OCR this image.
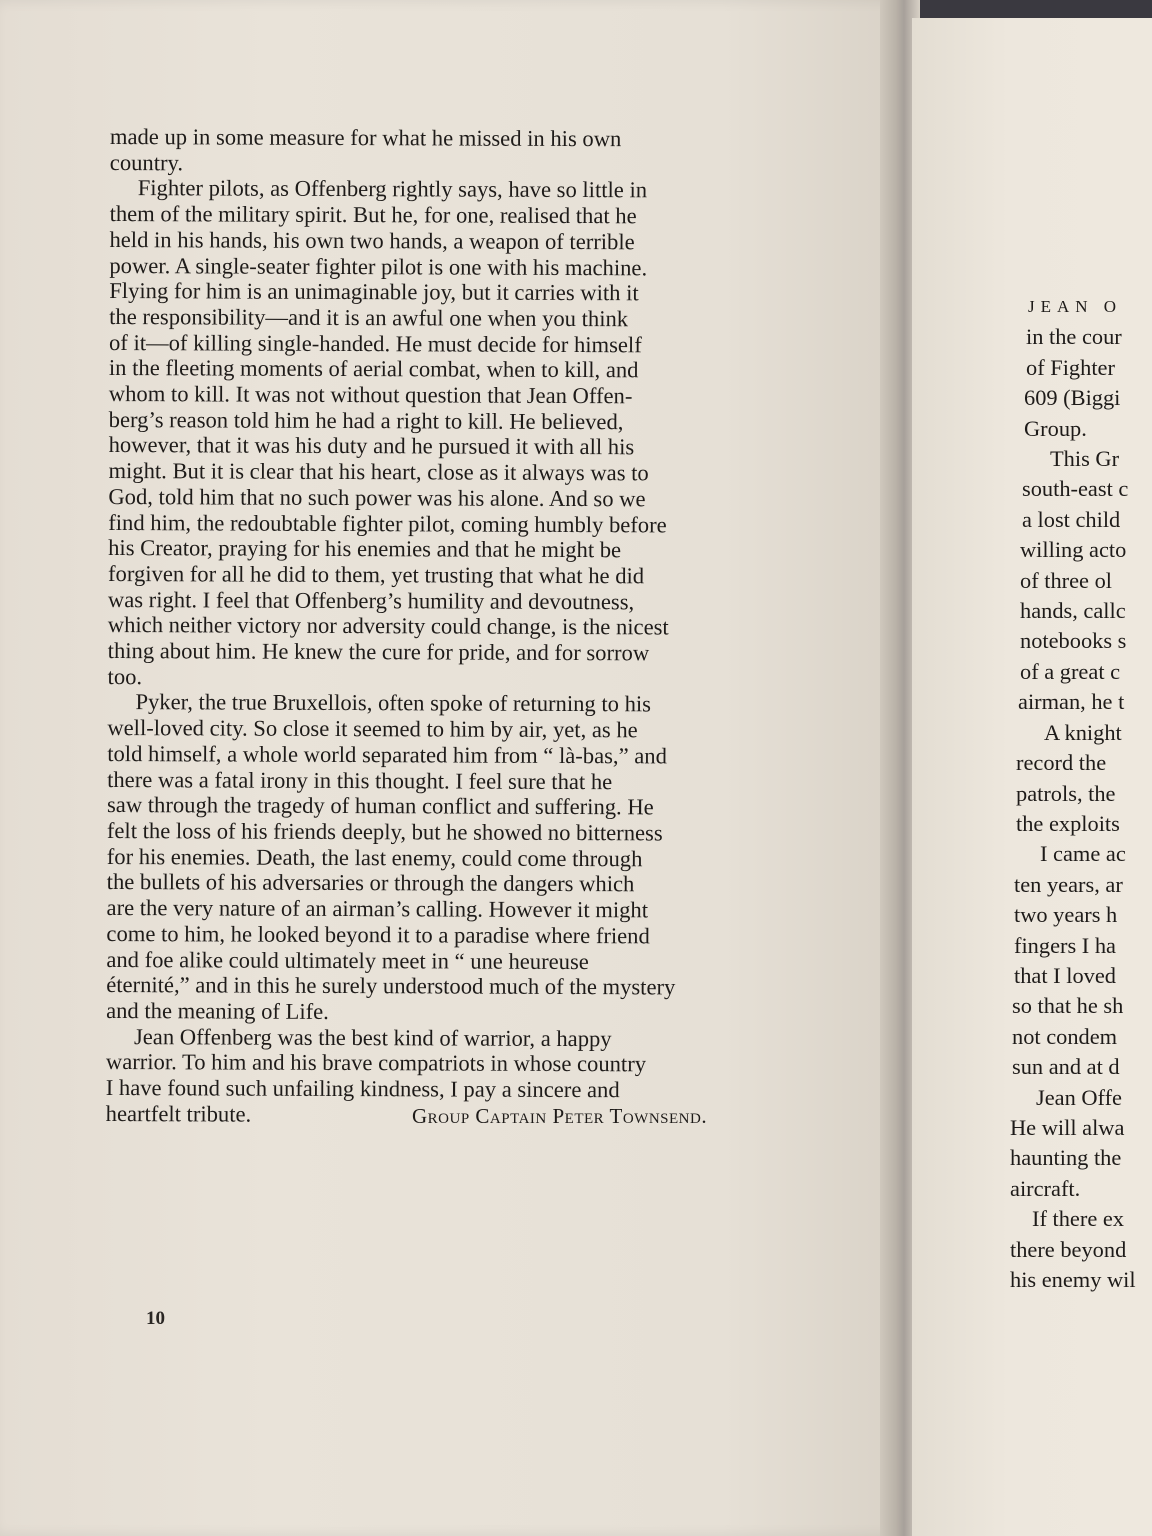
made up in some measure for what he missed in his own
country.
Fighter pilots, as Offenberg rightly says, have so little in
them of the military spirit. But he, for one, realised that he
held in his hands, his own two hands, a weapon of terrible
power. A single-seater fighter pilot is one with his machine.
Flying for him is an unimaginable joy, but it carries with it
the responsibility—and it is an awful one when you think
of it—of killing single-handed. He must decide for himself
in the fleeting moments of aerial combat, when to kill, and
whom to kill. It was not without question that Jean Offen-
berg’s reason told him he had a right to kill. He believed,
however, that it was his duty and he pursued it with all his
might. But it is clear that his heart, close as it always was to
God, told him that no such power was his alone. And so we
find him, the redoubtable fighter pilot, coming humbly before
his Creator, praying for his enemies and that he might be
forgiven for all he did to them, yet trusting that what he did
was right. I feel that Offenberg’s humility and devoutness,
which neither victory nor adversity could change, is the nicest
thing about him. He knew the cure for pride, and for sorrow
too.
Pyker, the true Bruxellois, often spoke of returning to his
well-loved city. So close it seemed to him by air, yet, as he
told himself, a whole world separated him from “ là-bas,” and
there was a fatal irony in this thought. I feel sure that he
saw through the tragedy of human conflict and suffering. He
felt the loss of his friends deeply, but he showed no bitterness
for his enemies. Death, the last enemy, could come through
the bullets of his adversaries or through the dangers which
are the very nature of an airman’s calling. However it might
come to him, he looked beyond it to a paradise where friend
and foe alike could ultimately meet in “ une heureuse
éternité,” and in this he surely understood much of the mystery
and the meaning of Life.
Jean Offenberg was the best kind of warrior, a happy
warrior. To him and his brave compatriots in whose country
I have found such unfailing kindness, I pay a sincere and
heartfelt tribute.	Group Captain Peter Townsend.
10
JEAN O
in the cour
of Fighter
609 (Biggi
Group.
This Gr
south-east c
a lost child
willing acto
of three ol
hands, callc
notebooks s
of a great c
airman, he t
A knight
record the
patrols, the
the exploits
I came ac
ten years, ar
two years h
fingers I ha
that I loved
so that he sh
not condem
sun and at d
Jean Offe
He will alwa
haunting the
aircraft.
If there ex
there beyond
his enemy wil
